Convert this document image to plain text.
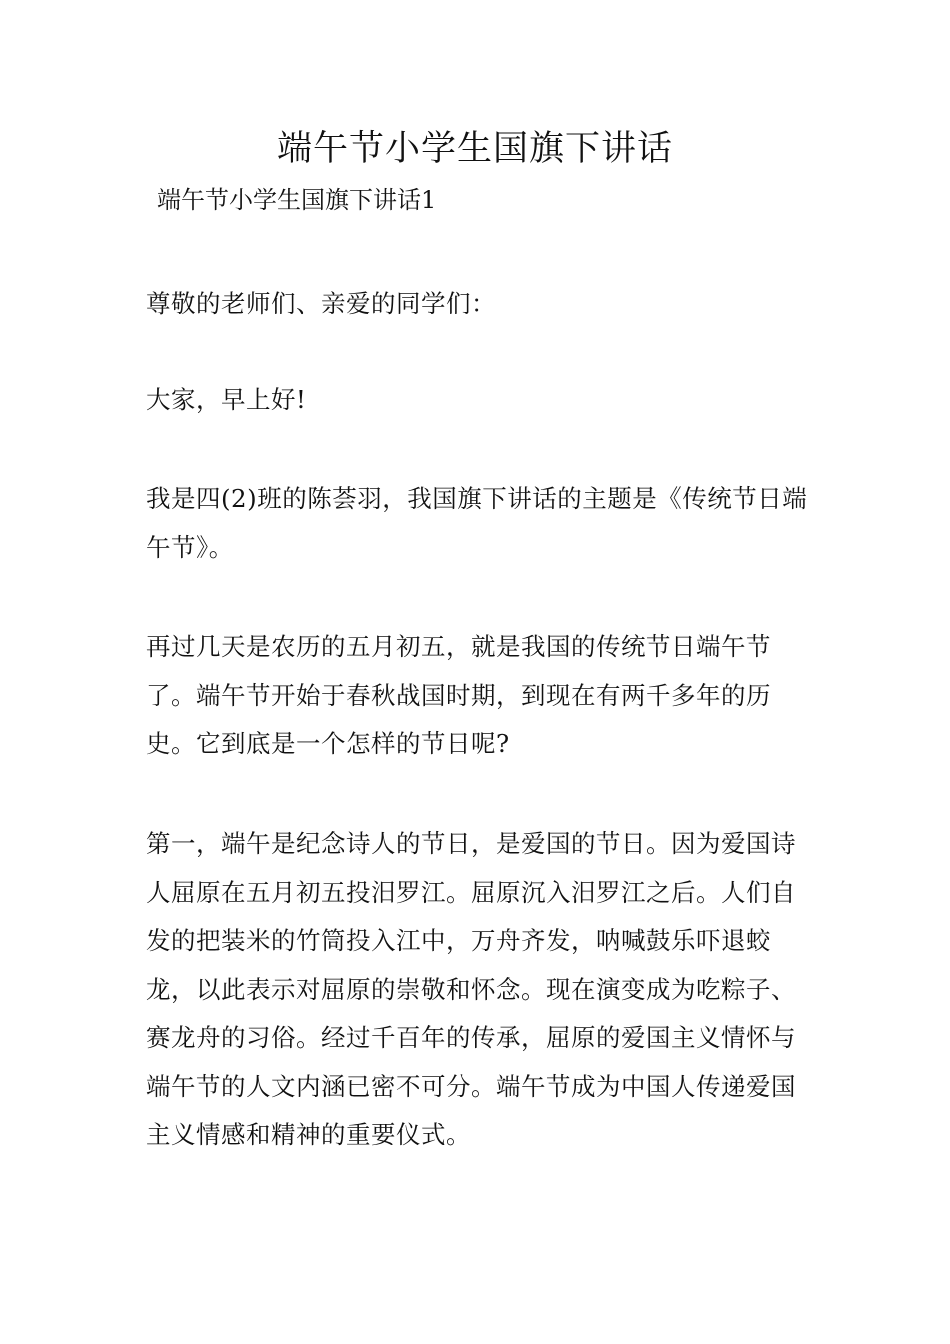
端午节小学生国旗下讲话

端午节小学生国旗下讲话1

尊敬的老师们、亲爱的同学们：

大家，早上好!

我是四(2)班的陈荟羽，我国旗下讲话的主题是《传统节日端午节》。

再过几天是农历的五月初五，就是我国的传统节日端午节了。端午节开始于春秋战国时期，到现在有两千多年的历史。它到底是一个怎样的节日呢?

第一，端午是纪念诗人的节日，是爱国的节日。因为爱国诗人屈原在五月初五投汨罗江。屈原沉入汨罗江之后。人们自发的把装米的竹筒投入江中，万舟齐发，呐喊鼓乐吓退蛟龙，以此表示对屈原的崇敬和怀念。现在演变成为吃粽子、赛龙舟的习俗。经过千百年的传承，屈原的爱国主义情怀与端午节的人文内涵已密不可分。端午节成为中国人传递爱国主义情感和精神的重要仪式。
